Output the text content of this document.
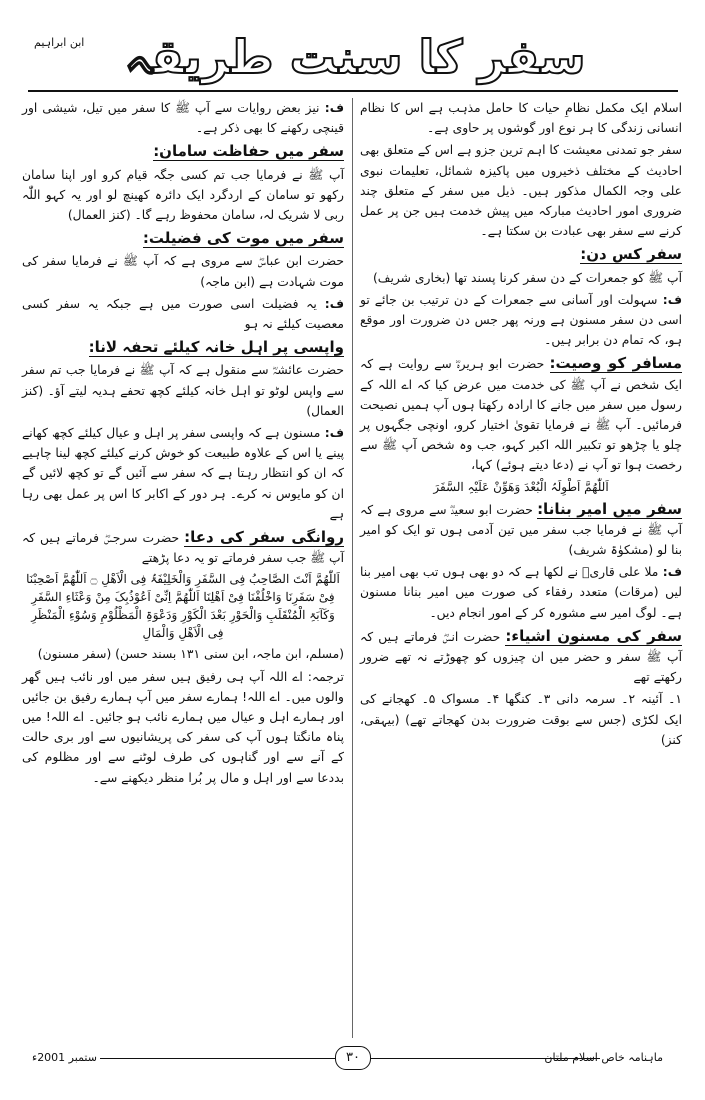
ابن ابراہیم سفر کا سنت طریقہ
اسلام ایک مکمل نظامِ حیات کا حامل مذہب ہے اس کا نظام انسانی زندگی کا ہر نوع اور گوشوں پر حاوی ہے۔
سفر جو تمدنی معیشت کا اہم ترین جزو ہے اس کے متعلق بھی احادیث کے مختلف ذخیروں میں پاکیزہ شمائل، تعلیمات نبوی علی وجہ الکمال مذکور ہیں۔ ذیل میں سفر کے متعلق چند ضروری امور احادیث مبارکہ میں پیش خدمت ہیں جن پر عمل کرنے سے سفر بھی عبادت بن سکتا ہے۔
سفر کس دن:
آپ ﷺ کو جمعرات کے دن سفر کرنا پسند تھا (بخاری شریف)
ف: سہولت اور آسانی سے جمعرات کے دن ترتیب بن جائے تو اسی دن سفر مسنون ہے ورنہ پھر جس دن ضرورت اور موقع ہو، کہ تمام دن برابر ہیں۔
مسافر کو وصیت: حضرت ابو ہریرہؓ سے روایت ہے کہ ایک شخص نے آپ ﷺ کی خدمت میں عرض کیا کہ اے اللہ کے رسول میں سفر میں جانے کا ارادہ رکھتا ہوں آپ ہمیں نصیحت فرمائیں۔ آپ ﷺ نے فرمایا تقویٰ اختیار کرو، اونچی جگہوں پر چلو یا چڑھو تو تکبیر اللہ اکبر کہو، جب وہ شخص آپ ﷺ سے رخصت ہوا تو آپ نے (دعا دیتے ہوئے) کہا،
اَللّٰھُمَّ اَطْوِلَہُ الْبُعْدَ وَھَوِّنْ عَلَیْہِ السَّفَرَ
سفر میں امیر بنانا: حضرت ابو سعیدؓ سے مروی ہے کہ آپ ﷺ نے فرمایا جب سفر میں تین آدمی ہوں تو ایک کو امیر بنا لو (مشکوٰۃ شریف)
ف: ملا علی قاریؒ نے لکھا ہے کہ دو بھی ہوں تب بھی امیر بنا لیں (مرقات) متعدد رفقاء کی صورت میں امیر بنانا مسنون ہے۔ لوگ امیر سے مشورہ کر کے امور انجام دیں۔
سفر کی مسنون اشیاء: حضرت انسؓ فرماتے ہیں کہ آپ ﷺ سفر و حضر میں ان چیزوں کو چھوڑتے نہ تھے ضرور رکھتے تھے
۱۔ آئینہ ۲۔ سرمہ دانی ۳۔ کنگھا ۴۔ مسواک ۵۔ کھجانے کی ایک لکڑی (جس سے بوقت ضرورت بدن کھجاتے تھے) (بیہقی، کنز)
ف: نیز بعض روایات سے آپ ﷺ کا سفر میں تیل، شیشی اور قینچی رکھنے کا بھی ذکر ہے۔
سفر میں حفاظت سامان:
آپ ﷺ نے فرمایا جب تم کسی جگہ قیام کرو اور اپنا سامان رکھو تو سامان کے اردگرد ایک دائرہ کھینچ لو اور یہ کہو اللّٰہ ربی لا شریک لہ، سامان محفوظ رہے گا۔ (کنز العمال)
سفر میں موت کی فضیلت:
حضرت ابن عباسؓ سے مروی ہے کہ آپ ﷺ نے فرمایا سفر کی موت شہادت ہے (ابن ماجہ)
ف: یہ فضیلت اسی صورت میں ہے جبکہ یہ سفر کسی معصیت کیلئے نہ ہو
واپسی پر اہل خانہ کیلئے تحفہ لانا:
حضرت عائشہؓ سے منقول ہے کہ آپ ﷺ نے فرمایا جب تم سفر سے واپس لوٹو تو اہل خانہ کیلئے کچھ تحفے ہدیہ لیتے آؤ۔ (کنز العمال)
ف: مسنون ہے کہ واپسی سفر پر اہل و عیال کیلئے کچھ کھانے پینے یا اس کے علاوہ طبیعت کو خوش کرنے کیلئے کچھ لینا چاہیے کہ ان کو انتظار رہتا ہے کہ سفر سے آئیں گے تو کچھ لائیں گے ان کو مایوس نہ کرے۔ ہر دور کے اکابر کا اس پر عمل بھی رہا ہے
روانگی سفر کی دعا: حضرت سرجسؓ فرماتے ہیں کہ آپ ﷺ جب سفر فرماتے تو یہ دعا پڑھتے
اَللّٰھُمَّ اَنْتَ الصَّاحِبُ فِی السَّفَرِ وَالْخَلِیْفَۃُ فِی الْاَھْلِ ۝ اَللّٰھُمَّ اَصْحِبْنَا فِیْ سَفَرِنَا وَاخْلُفْنَا فِیْ اَھْلِنَا اَللّٰھُمَّ اِنِّیْ اَعُوْذُبِکَ مِنْ وَعْثَاءِ السَّفَرِ وَکَآبَۃِ الْمُنْقَلَبِ وَالْحَوْرِ بَعْدَ الْکَوْرِ وَدَعْوَۃِ الْمَظْلُوْمِ وَسُوْءِ الْمَنْظَرِ فِی الْاَھْلِ وَالْمَالِ
(مسلم، ابن ماجہ، ابن سنی ۱۳۱ بسند حسن) (سفر مسنون)
ترجمہ: اے اللہ آپ ہی رفیق ہیں سفر میں اور نائب ہیں گھر والوں میں۔ اے اللہ! ہمارے سفر میں آپ ہمارے رفیق بن جائیں اور ہمارے اہل و عیال میں ہمارے نائب ہو جائیں۔ اے اللہ! میں پناہ مانگتا ہوں آپ کی سفر کی پریشانیوں سے اور بری حالت کے آنے سے اور گناہوں کی طرف لوٹنے سے اور مظلوم کی بددعا سے اور اہل و مال پر بُرا منظر دیکھنے سے۔
ماہنامہ خاص اسلام ملتان
۳۰
ستمبر 2001ء
